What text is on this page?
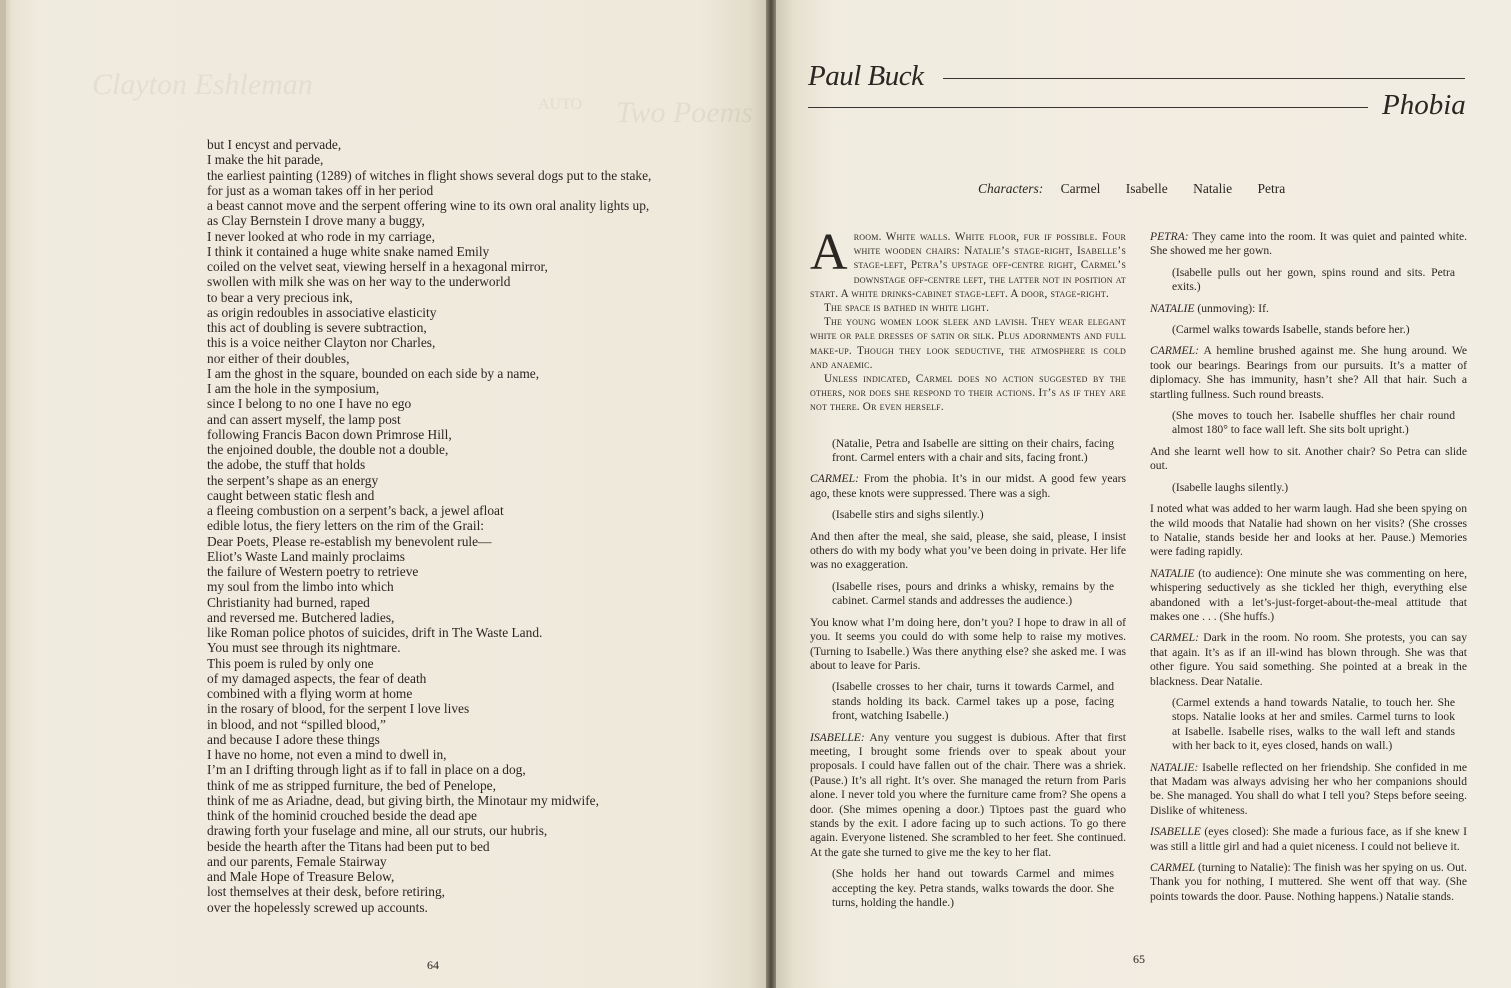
but I encyst and pervade,
I make the hit parade,
the earliest painting (1289) of witches in flight shows several dogs put to the stake,
for just as a woman takes off in her period
a beast cannot move and the serpent offering wine to its own oral anality lights up,
as Clay Bernstein I drove many a buggy,
I never looked at who rode in my carriage,
I think it contained a huge white snake named Emily
coiled on the velvet seat, viewing herself in a hexagonal mirror,
swollen with milk she was on her way to the underworld
to bear a very precious ink,
as origin redoubles in associative elasticity
this act of doubling is severe subtraction,
this is a voice neither Clayton nor Charles,
nor either of their doubles,
I am the ghost in the square, bounded on each side by a name,
I am the hole in the symposium,
since I belong to no one I have no ego
and can assert myself, the lamp post
following Francis Bacon down Primrose Hill,
the enjoined double, the double not a double,
the adobe, the stuff that holds
the serpent’s shape as an energy
caught between static flesh and
a fleeing combustion on a serpent’s back, a jewel afloat
edible lotus, the fiery letters on the rim of the Grail:
Dear Poets, Please re-establish my benevolent rule—
Eliot’s Waste Land mainly proclaims
the failure of Western poetry to retrieve
my soul from the limbo into which
Christianity had burned, raped
and reversed me. Butchered ladies,
like Roman police photos of suicides, drift in The Waste Land.
You must see through its nightmare.
This poem is ruled by only one
of my damaged aspects, the fear of death
combined with a flying worm at home
in the rosary of blood, for the serpent I love lives
in blood, and not “spilled blood,”
and because I adore these things
I have no home, not even a mind to dwell in,
I’m an I drifting through light as if to fall in place on a dog,
think of me as stripped furniture, the bed of Penelope,
think of me as Ariadne, dead, but giving birth, the Minotaur my midwife,
think of the hominid crouched beside the dead ape
drawing forth your fuselage and mine, all our struts, our hubris,
beside the hearth after the Titans had been put to bed
and our parents, Female Stairway
and Male Hope of Treasure Below,
lost themselves at their desk, before retiring,
over the hopelessly screwed up accounts.
64
Paul Buck
Phobia
Characters: Carmel Isabelle Natalie Petra

Aroom. White walls. White floor, fur if possible. Four white wooden chairs: Natalie’s stage-right, Isabelle’s stage-left, Petra’s upstage off-centre right, Carmel’s downstage off-centre left, the latter not in position at start. A white drinks-cabinet stage-left. A door, stage-right.

The space is bathed in white light.

The young women look sleek and lavish. They wear elegant white or pale dresses of satin or silk. Plus adornments and full make-up. Though they look seductive, the atmosphere is cold and anaemic.

Unless indicated, Carmel does no action suggested by the others, nor does she respond to their actions. It’s as if they are not there. Or even herself.

(Natalie, Petra and Isabelle are sitting on their chairs, facing front. Carmel enters with a chair and sits, facing front.)

CARMEL: From the phobia. It’s in our midst. A good few years ago, these knots were suppressed. There was a sigh.

(Isabelle stirs and sighs silently.)

And then after the meal, she said, please, she said, please, I insist others do with my body what you’ve been doing in private. Her life was no exaggeration.

(Isabelle rises, pours and drinks a whisky, remains by the cabinet. Carmel stands and addresses the audience.)

You know what I’m doing here, don’t you? I hope to draw in all of you. It seems you could do with some help to raise my motives. (Turning to Isabelle.) Was there anything else? she asked me. I was about to leave for Paris.

(Isabelle crosses to her chair, turns it towards Carmel, and stands holding its back. Carmel takes up a pose, facing front, watching Isabelle.)

ISABELLE: Any venture you suggest is dubious. After that first meeting, I brought some friends over to speak about your proposals. I could have fallen out of the chair. There was a shriek. (Pause.) It’s all right. It’s over. She managed the return from Paris alone. I never told you where the furniture came from? She opens a door. (She mimes opening a door.) Tiptoes past the guard who stands by the exit. I adore facing up to such actions. To go there again. Everyone listened. She scrambled to her feet. She continued. At the gate she turned to give me the key to her flat.

(She holds her hand out towards Carmel and mimes accepting the key. Petra stands, walks towards the door. She turns, holding the handle.)

PETRA: They came into the room. It was quiet and painted white. She showed me her gown.

(Isabelle pulls out her gown, spins round and sits. Petra exits.)

NATALIE (unmoving): If.

(Carmel walks towards Isabelle, stands before her.)

CARMEL: A hemline brushed against me. She hung around. We took our bearings. Bearings from our pursuits. It’s a matter of diplomacy. She has immunity, hasn’t she? All that hair. Such a startling fullness. Such round breasts.

(She moves to touch her. Isabelle shuffles her chair round almost 180° to face wall left. She sits bolt upright.)

And she learnt well how to sit. Another chair? So Petra can slide out.

(Isabelle laughs silently.)

I noted what was added to her warm laugh. Had she been spying on the wild moods that Natalie had shown on her visits? (She crosses to Natalie, stands beside her and looks at her. Pause.) Memories were fading rapidly.

NATALIE (to audience): One minute she was commenting on here, whispering seductively as she tickled her thigh, everything else abandoned with a let’s-just-forget-about-the-meal attitude that makes one . . . (She huffs.)

CARMEL: Dark in the room. No room. She protests, you can say that again. It’s as if an ill-wind has blown through. She was that other figure. You said something. She pointed at a break in the blackness. Dear Natalie.

(Carmel extends a hand towards Natalie, to touch her. She stops. Natalie looks at her and smiles. Carmel turns to look at Isabelle. Isabelle rises, walks to the wall left and stands with her back to it, eyes closed, hands on wall.)

NATALIE: Isabelle reflected on her friendship. She confided in me that Madam was always advising her who her companions should be. She managed. You shall do what I tell you? Steps before seeing. Dislike of whiteness.

ISABELLE (eyes closed): She made a furious face, as if she knew I was still a little girl and had a quiet niceness. I could not believe it.

CARMEL (turning to Natalie): The finish was her spying on us. Out. Thank you for nothing, I muttered. She went off that way. (She points towards the door. Pause. Nothing happens.) Natalie stands.

65
